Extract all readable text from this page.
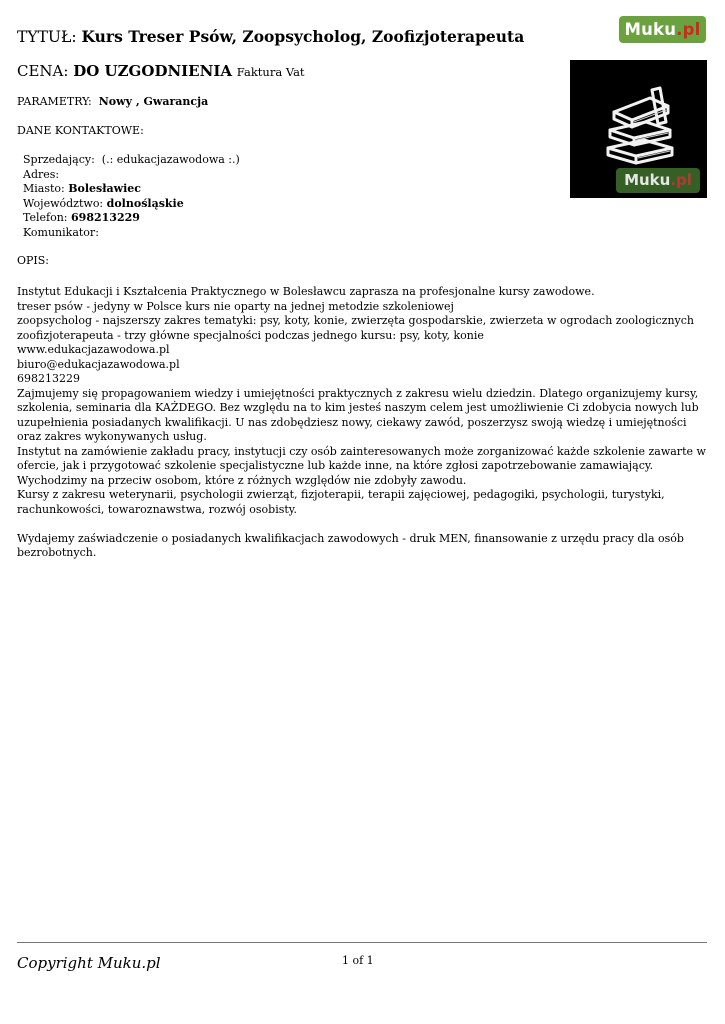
Muku.pl
TYTUŁ: Kurs Treser Psów, Zoopsycholog, Zoofizjoterapeuta
CENA: DO UZGODNIENIA Faktura Vat
Muku.pl
PARAMETRY: Nowy , Gwarancja
DANE KONTAKTOWE:
Sprzedający: (.: edukacjazawodowa :.)
Adres:
Miasto: Bolesławiec
Województwo: dolnośląskie
Telefon: 698213229
Komunikator:
OPIS:
Instytut Edukacji i Kształcenia Praktycznego w Bolesławcu zaprasza na profesjonalne kursy zawodowe.
treser psów - jedyny w Polsce kurs nie oparty na jednej metodzie szkoleniowej
zoopsycholog - najszerszy zakres tematyki: psy, koty, konie, zwierzęta gospodarskie, zwierzeta w ogrodach zoologicznych
zoofizjoterapeuta - trzy główne specjalności podczas jednego kursu: psy, koty, konie
www.edukacjazawodowa.pl
biuro@edukacjazawodowa.pl
698213229
Zajmujemy się propagowaniem wiedzy i umiejętności praktycznych z zakresu wielu dziedzin. Dlatego organizujemy kursy, szkolenia, seminaria dla KAŻDEGO. Bez względu na to kim jesteś naszym celem jest umożliwienie Ci zdobycia nowych lub uzupełnienia posiadanych kwalifikacji. U nas zdobędziesz nowy, ciekawy zawód, poszerzysz swoją wiedzę i umiejętności oraz zakres wykonywanych usług.
Instytut na zamówienie zakładu pracy, instytucji czy osób zainteresowanych może zorganizować każde szkolenie zawarte w ofercie, jak i przygotować szkolenie specjalistyczne lub każde inne, na które zgłosi zapotrzebowanie zamawiający. Wychodzimy na przeciw osobom, które z różnych względów nie zdobyły zawodu.
Kursy z zakresu weterynarii, psychologii zwierząt, fizjoterapii, terapii zajęciowej, pedagogiki, psychologii, turystyki, rachunkowości, towaroznawstwa, rozwój osobisty.
Wydajemy zaświadczenie o posiadanych kwalifikacjach zawodowych - druk MEN, finansowanie z urzędu pracy dla osób bezrobotnych.
Copyright Muku.pl	1 of 1
